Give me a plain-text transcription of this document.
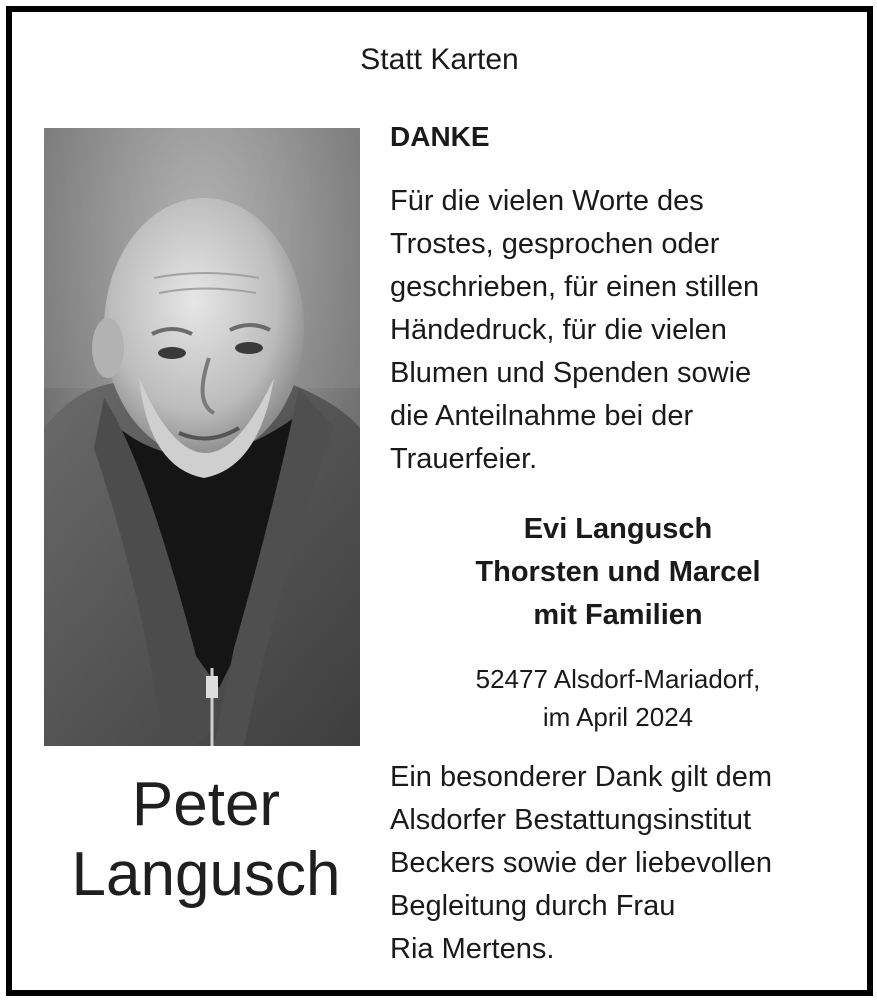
Statt Karten
Peter
Langusch
DANKE
Für die vielen Worte des
Trostes, gesprochen oder
geschrieben, für einen stillen
Händedruck, für die vielen
Blumen und Spenden sowie
die Anteilnahme bei der
Trauerfeier.
Evi Langusch
Thorsten und Marcel
mit Familien
52477 Alsdorf-Mariadorf,
im April 2024
Ein besonderer Dank gilt dem
Alsdorfer Bestattungsinstitut
Beckers sowie der liebevollen
Begleitung durch Frau
Ria Mertens.
